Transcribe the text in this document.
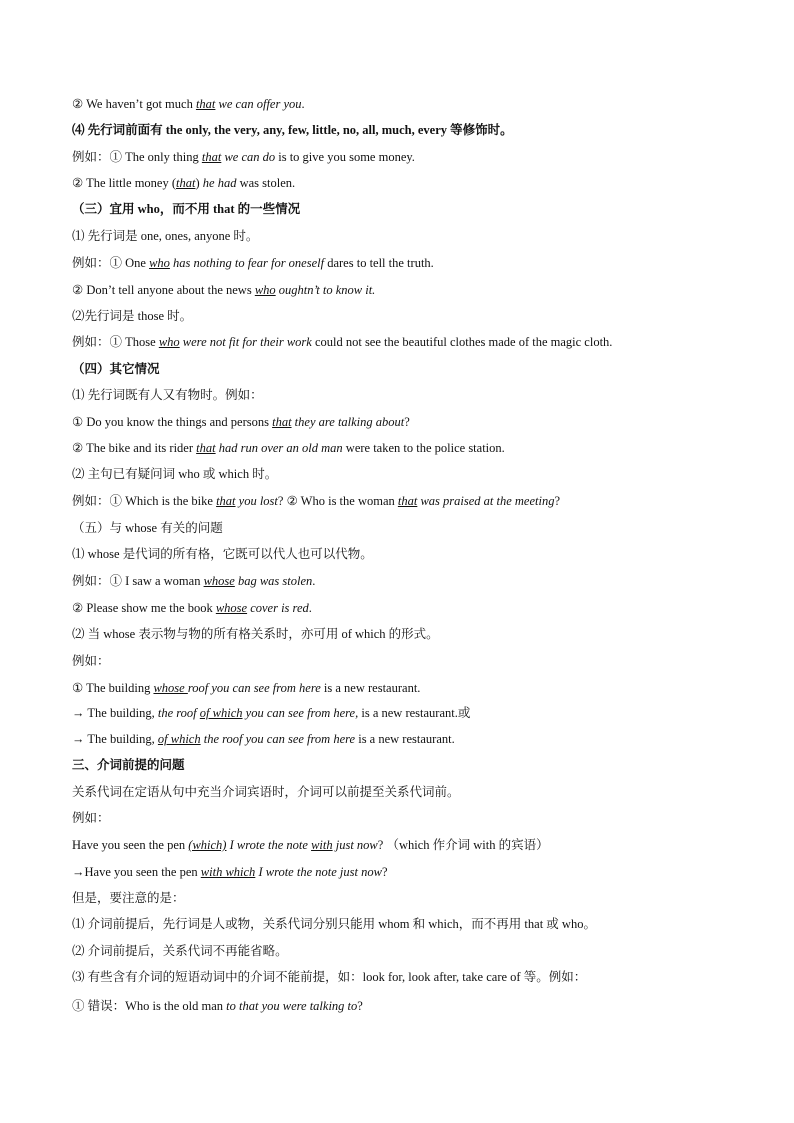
② We haven’t got much that we can offer you.
⑷ 先行词前面有 the only, the very, any, few, little, no, all, much, every 等修饰时。
例如：① The only thing that we can do is to give you some money.
② The little money (that) he had was stolen.
（三）宜用 who，而不用 that 的一些情况
⑴ 先行词是 one, ones, anyone 时。
例如：① One who has nothing to fear for oneself dares to tell the truth.
② Don’t tell anyone about the news who oughtn’t to know it.
⑵先行词是 those 时。
例如：① Those who were not fit for their work could not see the beautiful clothes made of the magic cloth.
（四）其它情况
⑴ 先行词既有人又有物时。例如：
① Do you know the things and persons that they are talking about?
② The bike and its rider that had run over an old man were taken to the police station.
⑵ 主句已有疑问词 who 或 which 时。
例如：① Which is the bike that you lost? ② Who is the woman that was praised at the meeting?
（五）与 whose 有关的问题
⑴ whose 是代词的所有格，它既可以代人也可以代物。
例如：① I saw a woman whose bag was stolen.
② Please show me the book whose cover is red.
⑵ 当 whose 表示物与物的所有格关系时，亦可用 of which 的形式。
例如：
① The building whose roof you can see from here is a new restaurant.
→ The building, the roof of which you can see from here, is a new restaurant.或
→ The building, of which the roof you can see from here is a new restaurant.
三、介词前提的问题
关系代词在定语从句中充当介词宾语时，介词可以前提至关系代词前。
例如：
Have you seen the pen (which) I wrote the note with just now? （which 作介词 with 的宾语）
→Have you seen the pen with which I wrote the note just now?
但是，要注意的是：
⑴ 介词前提后，先行词是人或物，关系代词分别只能用 whom 和 which，而不再用 that 或 who。
⑵ 介词前提后，关系代词不再能省略。
⑶ 有些含有介词的短语动词中的介词不能前提，如：look for, look after, take care of 等。例如：
① 错误：Who is the old man to that you were talking to?
